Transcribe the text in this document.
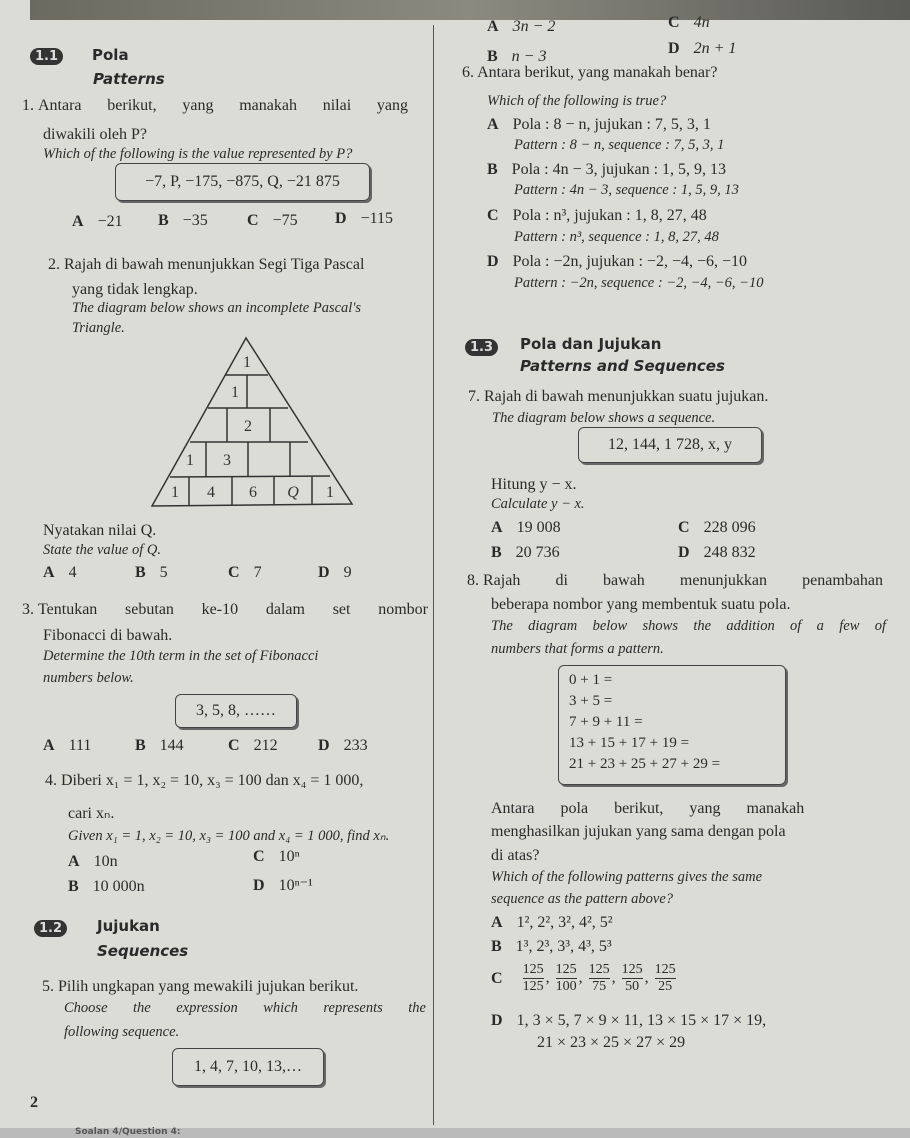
A 3n − 2	C 4n
B n − 3	D 2n + 1
1.1	Pola
Patterns
1. Antara berikut, yang manakah nilai yang
diwakili oleh P?
Which of the following is the value represented by P?
−7, P, −175, −875, Q, −21 875
A −21 B −35 C −75 D −115
2. Rajah di bawah menunjukkan Segi Tiga Pascal
yang tidak lengkap.
The diagram below shows an incomplete Pascal's
Triangle.
1
1
2
1 3
1 4 6 Q 1
Nyatakan nilai Q.
State the value of Q.
A 4	B 5	C 7	D 9
3. Tentukan sebutan ke-10 dalam set nombor
Fibonacci di bawah.
Determine the 10th term in the set of Fibonacci
numbers below.
3, 5, 8, ……
A 111	B 144	C 212	D 233
4. Diberi x₁ = 1, x₂ = 10, x₃ = 100 dan x₄ = 1 000,
cari xₙ.
Given x₁ = 1, x₂ = 10, x₃ = 100 and x₄ = 1 000, find xₙ.
A 10n	C 10ⁿ
B 10 000n	D 10ⁿ⁻¹
1.2	Jujukan
Sequences
5. Pilih ungkapan yang mewakili jujukan berikut.
Choose the expression which represents the
following sequence.
1, 4, 7, 10, 13,…
2
Soalan 4/Question 4:
6. Antara berikut, yang manakah benar?
Which of the following is true?
A Pola : 8 − n, jujukan : 7, 5, 3, 1
Pattern : 8 − n, sequence : 7, 5, 3, 1
B Pola : 4n − 3, jujukan : 1, 5, 9, 13
Pattern : 4n − 3, sequence : 1, 5, 9, 13
C Pola : n³, jujukan : 1, 8, 27, 48
Pattern : n³, sequence : 1, 8, 27, 48
D Pola : −2n, jujukan : −2, −4, −6, −10
Pattern : −2n, sequence : −2, −4, −6, −10
1.3	Pola dan Jujukan
Patterns and Sequences
7. Rajah di bawah menunjukkan suatu jujukan.
The diagram below shows a sequence.
12, 144, 1 728, x, y
Hitung y − x.
Calculate y − x.
A 19 008	C 228 096
B 20 736	D 248 832
8. Rajah di bawah menunjukkan penambahan
beberapa nombor yang membentuk suatu pola.
The diagram below shows the addition of a few of
numbers that forms a pattern.
0 + 1 =
3 + 5 =
7 + 9 + 11 =
13 + 15 + 17 + 19 =
21 + 23 + 25 + 27 + 29 =
Antara pola berikut, yang manakah
menghasilkan jujukan yang sama dengan pola
di atas?
Which of the following patterns gives the same
sequence as the pattern above?
A 1², 2², 3², 4², 5²
B 1³, 2³, 3³, 4³, 5³
C $\frac{125}{125}$ , $\frac{125}{100}$ , $\frac{125}{75}$ , $\frac{125}{50}$ , $\frac{125}{25}$
D 1, 3 × 5, 7 × 9 × 11, 13 × 15 × 17 × 19,
21 × 23 × 25 × 27 × 29
